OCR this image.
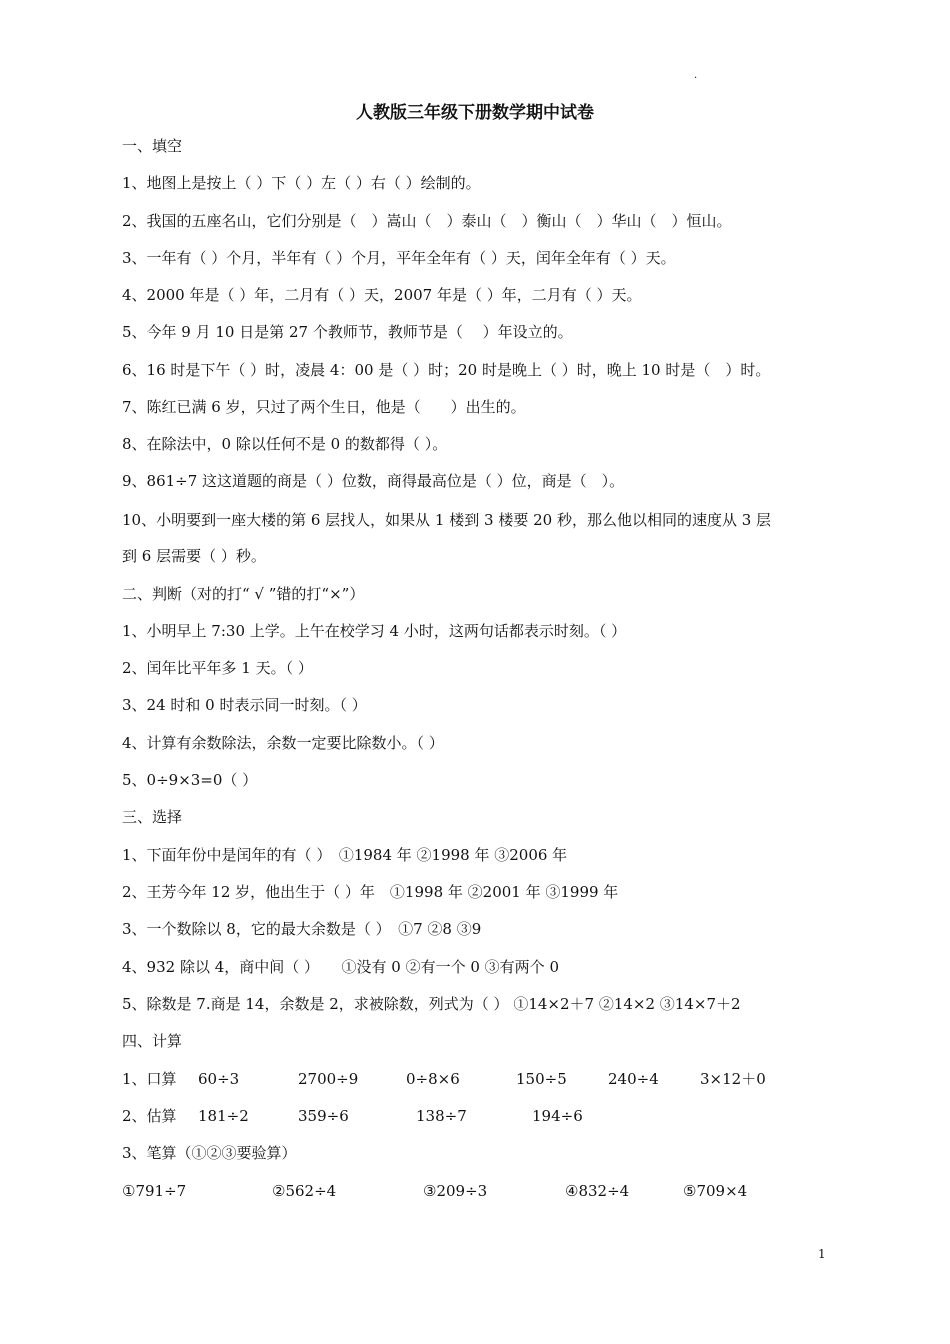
.
人教版三年级下册数学期中试卷
一、填空
1、地图上是按上（ ）下（ ）左（ ）右（ ）绘制的。
2、我国的五座名山，它们分别是（　）嵩山（　）泰山（　）衡山（　）华山（　）恒山。
3、一年有（ ）个月，半年有（ ）个月，平年全年有（ ）天，闰年全年有（ ）天。
4、2000 年是（ ）年，二月有（ ）天，2007 年是（ ）年，二月有（ ）天。
5、今年 9 月 10 日是第 27 个教师节，教师节是（　 ）年设立的。
6、16 时是下午（ ）时，凌晨 4：00 是（ ）时；20 时是晚上（ ）时，晚上 10 时是（　）时。
7、陈红已满 6 岁，只过了两个生日，他是（　　）出生的。
8、在除法中，0 除以任何不是 0 的数都得（ ）。
9、861÷7 这这道题的商是（ ）位数，商得最高位是（ ）位，商是（　）。
10、小明要到一座大楼的第 6 层找人，如果从 1 楼到 3 楼要 20 秒，那么他以相同的速度从 3 层
到 6 层需要（ ）秒。
二、判断（对的打“ √ ”错的打“×”）
1、小明早上 7:30 上学。上午在校学习 4 小时，这两句话都表示时刻。（ ）
2、闰年比平年多 1 天。（ ）
3、24 时和 0 时表示同一时刻。（ ）
4、计算有余数除法，余数一定要比除数小。（ ）
5、0÷9×3=0（ ）
三、选择
1、下面年份中是闰年的有（ ）　①1984 年 ②1998 年 ③2006 年
2、王芳今年 12 岁，他出生于（ ）年　①1998 年 ②2001 年 ③1999 年
3、一个数除以 8，它的最大余数是（ ）　①7 ②8 ③9
4、932 除以 4，商中间（ ）　　①没有 0 ②有一个 0 ③有两个 0
5、除数是 7.商是 14，余数是 2，求被除数，列式为（ ） ①14×2＋7 ②14×2 ③14×7＋2
四、计算
1、口算 60÷3	2700÷9	0÷8×6	150÷5	240÷4	3×12＋0
2、估算 181÷2	359÷6	138÷7	194÷6
3、笔算（①②③要验算）
①791÷7	②562÷4	③209÷3	④832÷4	⑤709×4
1
